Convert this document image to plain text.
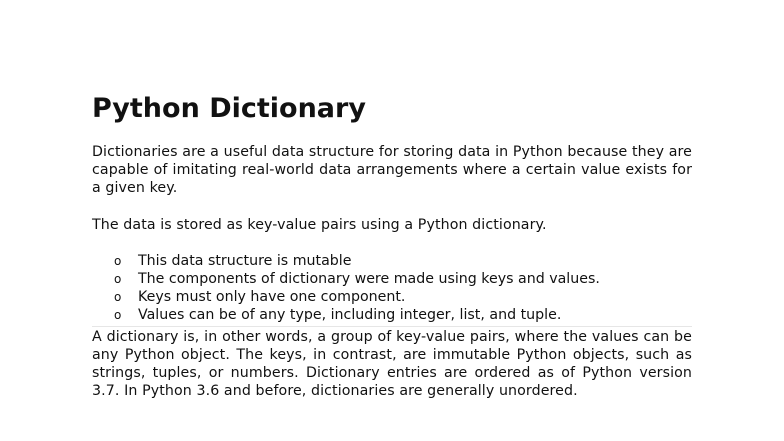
Python Dictionary

Dictionaries are a useful data structure for storing data in Python because they are capable of imitating real-world data arrangements where a certain value exists for a given key.

The data is stored as key-value pairs using a Python dictionary.

o This data structure is mutable
o The components of dictionary were made using keys and values.
o Keys must only have one component.
o Values can be of any type, including integer, list, and tuple.

A dictionary is, in other words, a group of key-value pairs, where the values can be any Python object. The keys, in contrast, are immutable Python objects, such as strings, tuples, or numbers. Dictionary entries are ordered as of Python version 3.7. In Python 3.6 and before, dictionaries are generally unordered.
